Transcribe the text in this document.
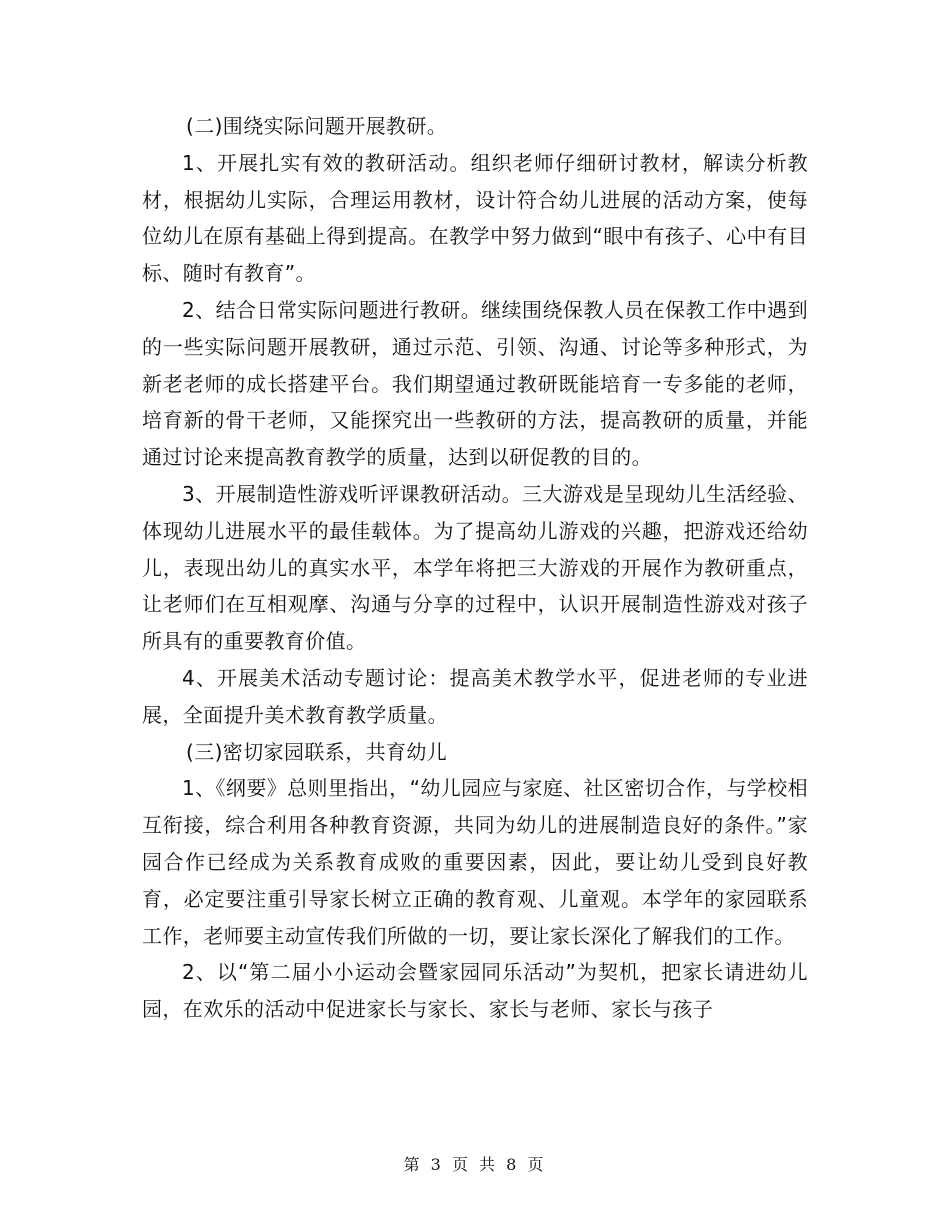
(二)围绕实际问题开展教研。

1、开展扎实有效的教研活动。组织老师仔细研讨教材，解读分析教材，根据幼儿实际，合理运用教材，设计符合幼儿进展的活动方案，使每位幼儿在原有基础上得到提高。在教学中努力做到“眼中有孩子、心中有目标、随时有教育”。

2、结合日常实际问题进行教研。继续围绕保教人员在保教工作中遇到的一些实际问题开展教研，通过示范、引领、沟通、讨论等多种形式，为新老老师的成长搭建平台。我们期望通过教研既能培育一专多能的老师，培育新的骨干老师，又能探究出一些教研的方法，提高教研的质量，并能通过讨论来提高教育教学的质量，达到以研促教的目的。

3、开展制造性游戏听评课教研活动。三大游戏是呈现幼儿生活经验、体现幼儿进展水平的最佳载体。为了提高幼儿游戏的兴趣，把游戏还给幼儿，表现出幼儿的真实水平，本学年将把三大游戏的开展作为教研重点，让老师们在互相观摩、沟通与分享的过程中，认识开展制造性游戏对孩子所具有的重要教育价值。

4、开展美术活动专题讨论：提高美术教学水平，促进老师的专业进展，全面提升美术教育教学质量。

(三)密切家园联系，共育幼儿

1、《纲要》总则里指出，“幼儿园应与家庭、社区密切合作，与学校相互衔接，综合利用各种教育资源，共同为幼儿的进展制造良好的条件。”家园合作已经成为关系教育成败的重要因素，因此，要让幼儿受到良好教育，必定要注重引导家长树立正确的教育观、儿童观。本学年的家园联系工作，老师要主动宣传我们所做的一切，要让家长深化了解我们的工作。

2、以“第二届小小运动会暨家园同乐活动”为契机，把家长请进幼儿园，在欢乐的活动中促进家长与家长、家长与老师、家长与孩子

第 3 页 共 8 页
